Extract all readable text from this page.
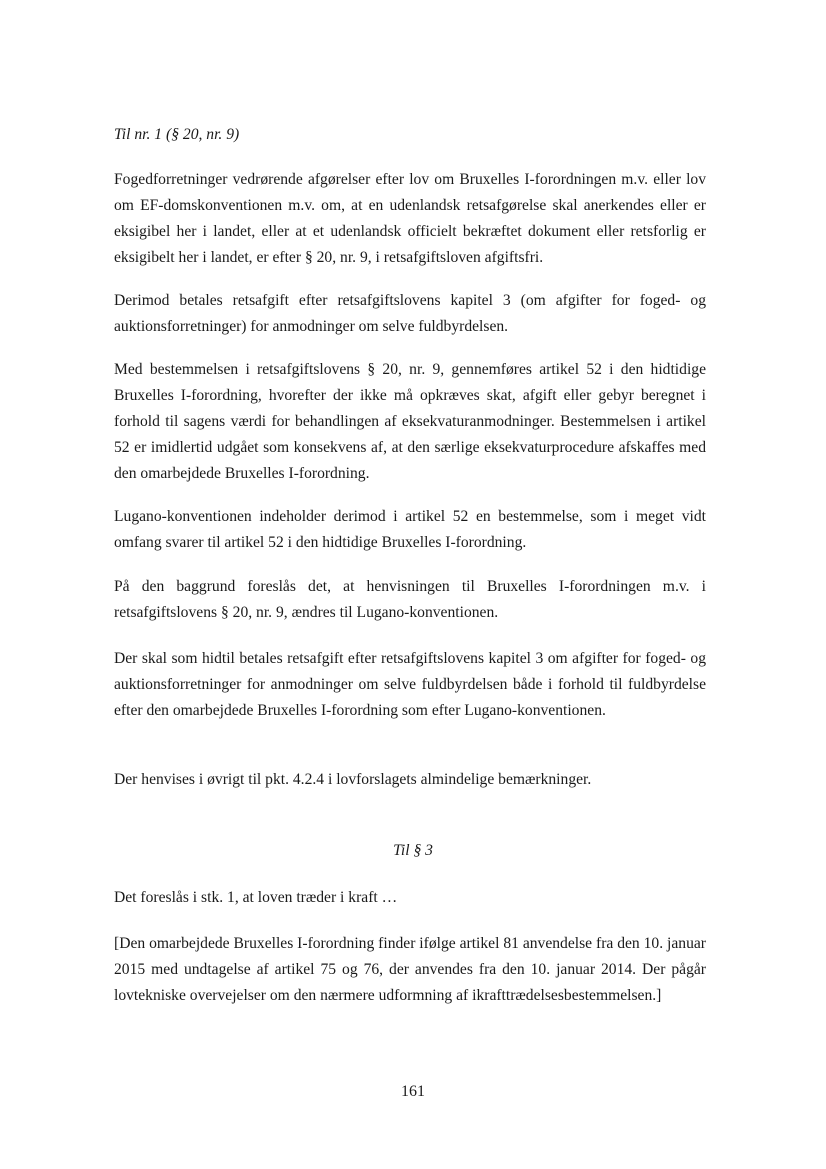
Til nr. 1 (§ 20, nr. 9)

Fogedforretninger vedrørende afgørelser efter lov om Bruxelles I-forordningen m.v. eller lov om EF-domskonventionen m.v. om, at en udenlandsk retsafgørelse skal anerkendes eller er eksigibel her i landet, eller at et udenlandsk officielt bekræftet dokument eller retsforlig er eksigibelt her i landet, er efter § 20, nr. 9, i retsafgiftsloven afgiftsfri.

Derimod betales retsafgift efter retsafgiftslovens kapitel 3 (om afgifter for foged- og auktionsforretninger) for anmodninger om selve fuldbyrdelsen.

Med bestemmelsen i retsafgiftslovens § 20, nr. 9, gennemføres artikel 52 i den hidtidige Bruxelles I-forordning, hvorefter der ikke må opkræves skat, afgift eller gebyr beregnet i forhold til sagens værdi for behandlingen af eksekvaturanmodninger. Bestemmelsen i artikel 52 er imidlertid udgået som konsekvens af, at den særlige eksekvaturprocedure afskaffes med den omarbejdede Bruxelles I-forordning.

Lugano-konventionen indeholder derimod i artikel 52 en bestemmelse, som i meget vidt omfang svarer til artikel 52 i den hidtidige Bruxelles I-forordning.

På den baggrund foreslås det, at henvisningen til Bruxelles I-forordningen m.v. i retsafgiftslovens § 20, nr. 9, ændres til Lugano-konventionen.

Der skal som hidtil betales retsafgift efter retsafgiftslovens kapitel 3 om afgifter for foged- og auktionsforretninger for anmodninger om selve fuldbyrdelsen både i forhold til fuldbyrdelse efter den omarbejdede Bruxelles I-forordning som efter Lugano-konventionen.

Der henvises i øvrigt til pkt. 4.2.4 i lovforslagets almindelige bemærkninger.

Til § 3

Det foreslås i stk. 1, at loven træder i kraft …

[Den omarbejdede Bruxelles I-forordning finder ifølge artikel 81 anvendelse fra den 10. januar 2015 med undtagelse af artikel 75 og 76, der anvendes fra den 10. januar 2014. Der pågår lovtekniske overvejelser om den nærmere udformning af ikrafttrædelsesbestemmelsen.]

161
